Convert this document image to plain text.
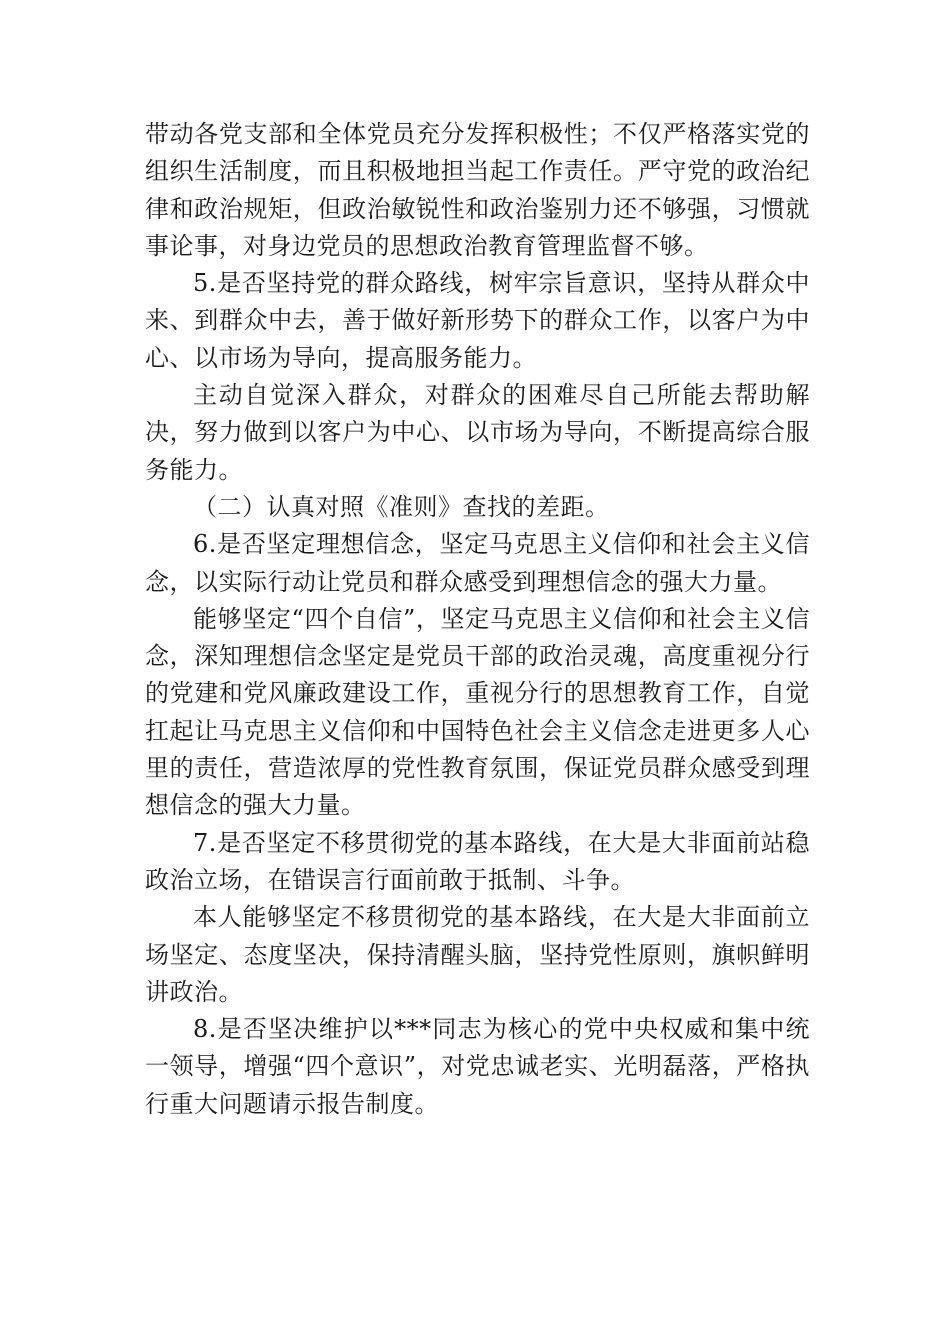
带动各党支部和全体党员充分发挥积极性；不仅严格落实党的组织生活制度，而且积极地担当起工作责任。严守党的政治纪律和政治规矩，但政治敏锐性和政治鉴别力还不够强，习惯就事论事，对身边党员的思想政治教育管理监督不够。

5.是否坚持党的群众路线，树牢宗旨意识，坚持从群众中来、到群众中去，善于做好新形势下的群众工作，以客户为中心、以市场为导向，提高服务能力。

主动自觉深入群众，对群众的困难尽自己所能去帮助解决，努力做到以客户为中心、以市场为导向，不断提高综合服务能力。

（二）认真对照《准则》查找的差距。

6.是否坚定理想信念，坚定马克思主义信仰和社会主义信念，以实际行动让党员和群众感受到理想信念的强大力量。

能够坚定“四个自信”，坚定马克思主义信仰和社会主义信念，深知理想信念坚定是党员干部的政治灵魂，高度重视分行的党建和党风廉政建设工作，重视分行的思想教育工作，自觉扛起让马克思主义信仰和中国特色社会主义信念走进更多人心里的责任，营造浓厚的党性教育氛围，保证党员群众感受到理想信念的强大力量。

7.是否坚定不移贯彻党的基本路线，在大是大非面前站稳政治立场，在错误言行面前敢于抵制、斗争。

本人能够坚定不移贯彻党的基本路线，在大是大非面前立场坚定、态度坚决，保持清醒头脑，坚持党性原则，旗帜鲜明讲政治。

8.是否坚决维护以***同志为核心的党中央权威和集中统一领导，增强“四个意识”，对党忠诚老实、光明磊落，严格执行重大问题请示报告制度。
